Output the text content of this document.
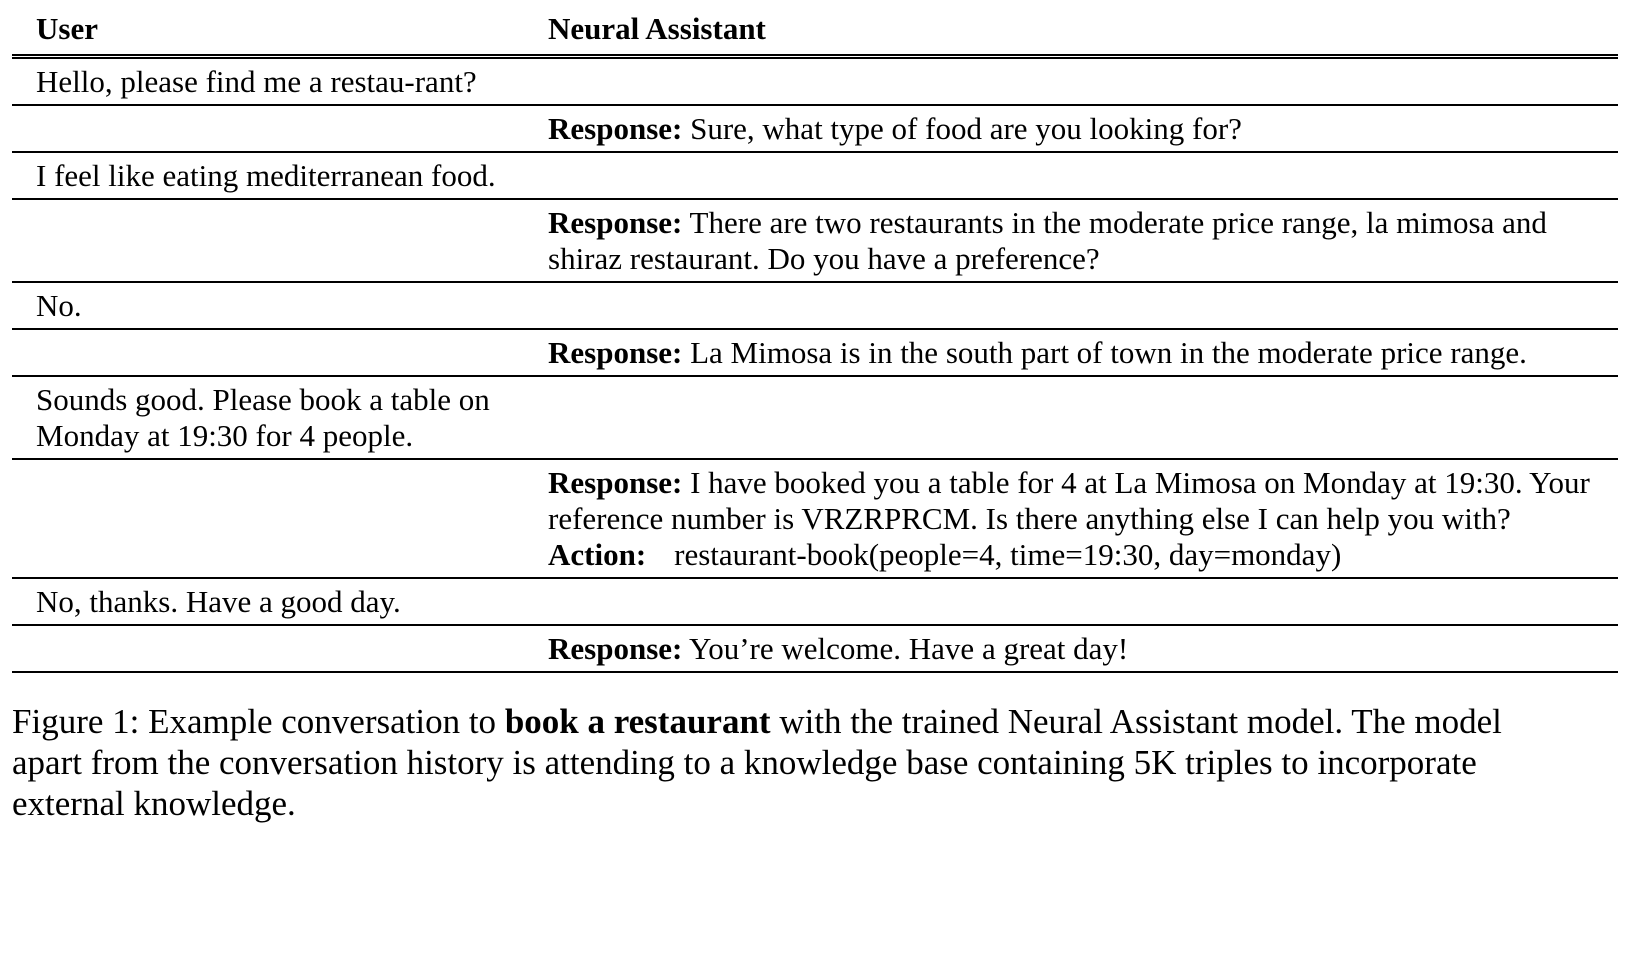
User	Neural Assistant

Hello, please find me a restau-rant?	

	Response: Sure, what type of food are you looking for?

I feel like eating mediterranean food.	

	Response: There are two restaurants in the moderate price range, la mimosa and shiraz restaurant. Do you have a preference?

No.	

	Response: La Mimosa is in the south part of town in the moderate price range.

Sounds good. Please book a table on Monday at 19:30 for 4 people.	

	Response: I have booked you a table for 4 at La Mimosa on Monday at 19:30. Your reference number is VRZRPRCM. Is there anything else I can help you with?
Action: restaurant-book(people=4, time=19:30, day=monday)

No, thanks. Have a good day.	

	Response: You’re welcome. Have a great day!
Figure 1: Example conversation to book a restaurant with the trained Neural Assistant model. The model apart from the conversation history is attending to a knowledge base containing 5K triples to incorporate external knowledge.
